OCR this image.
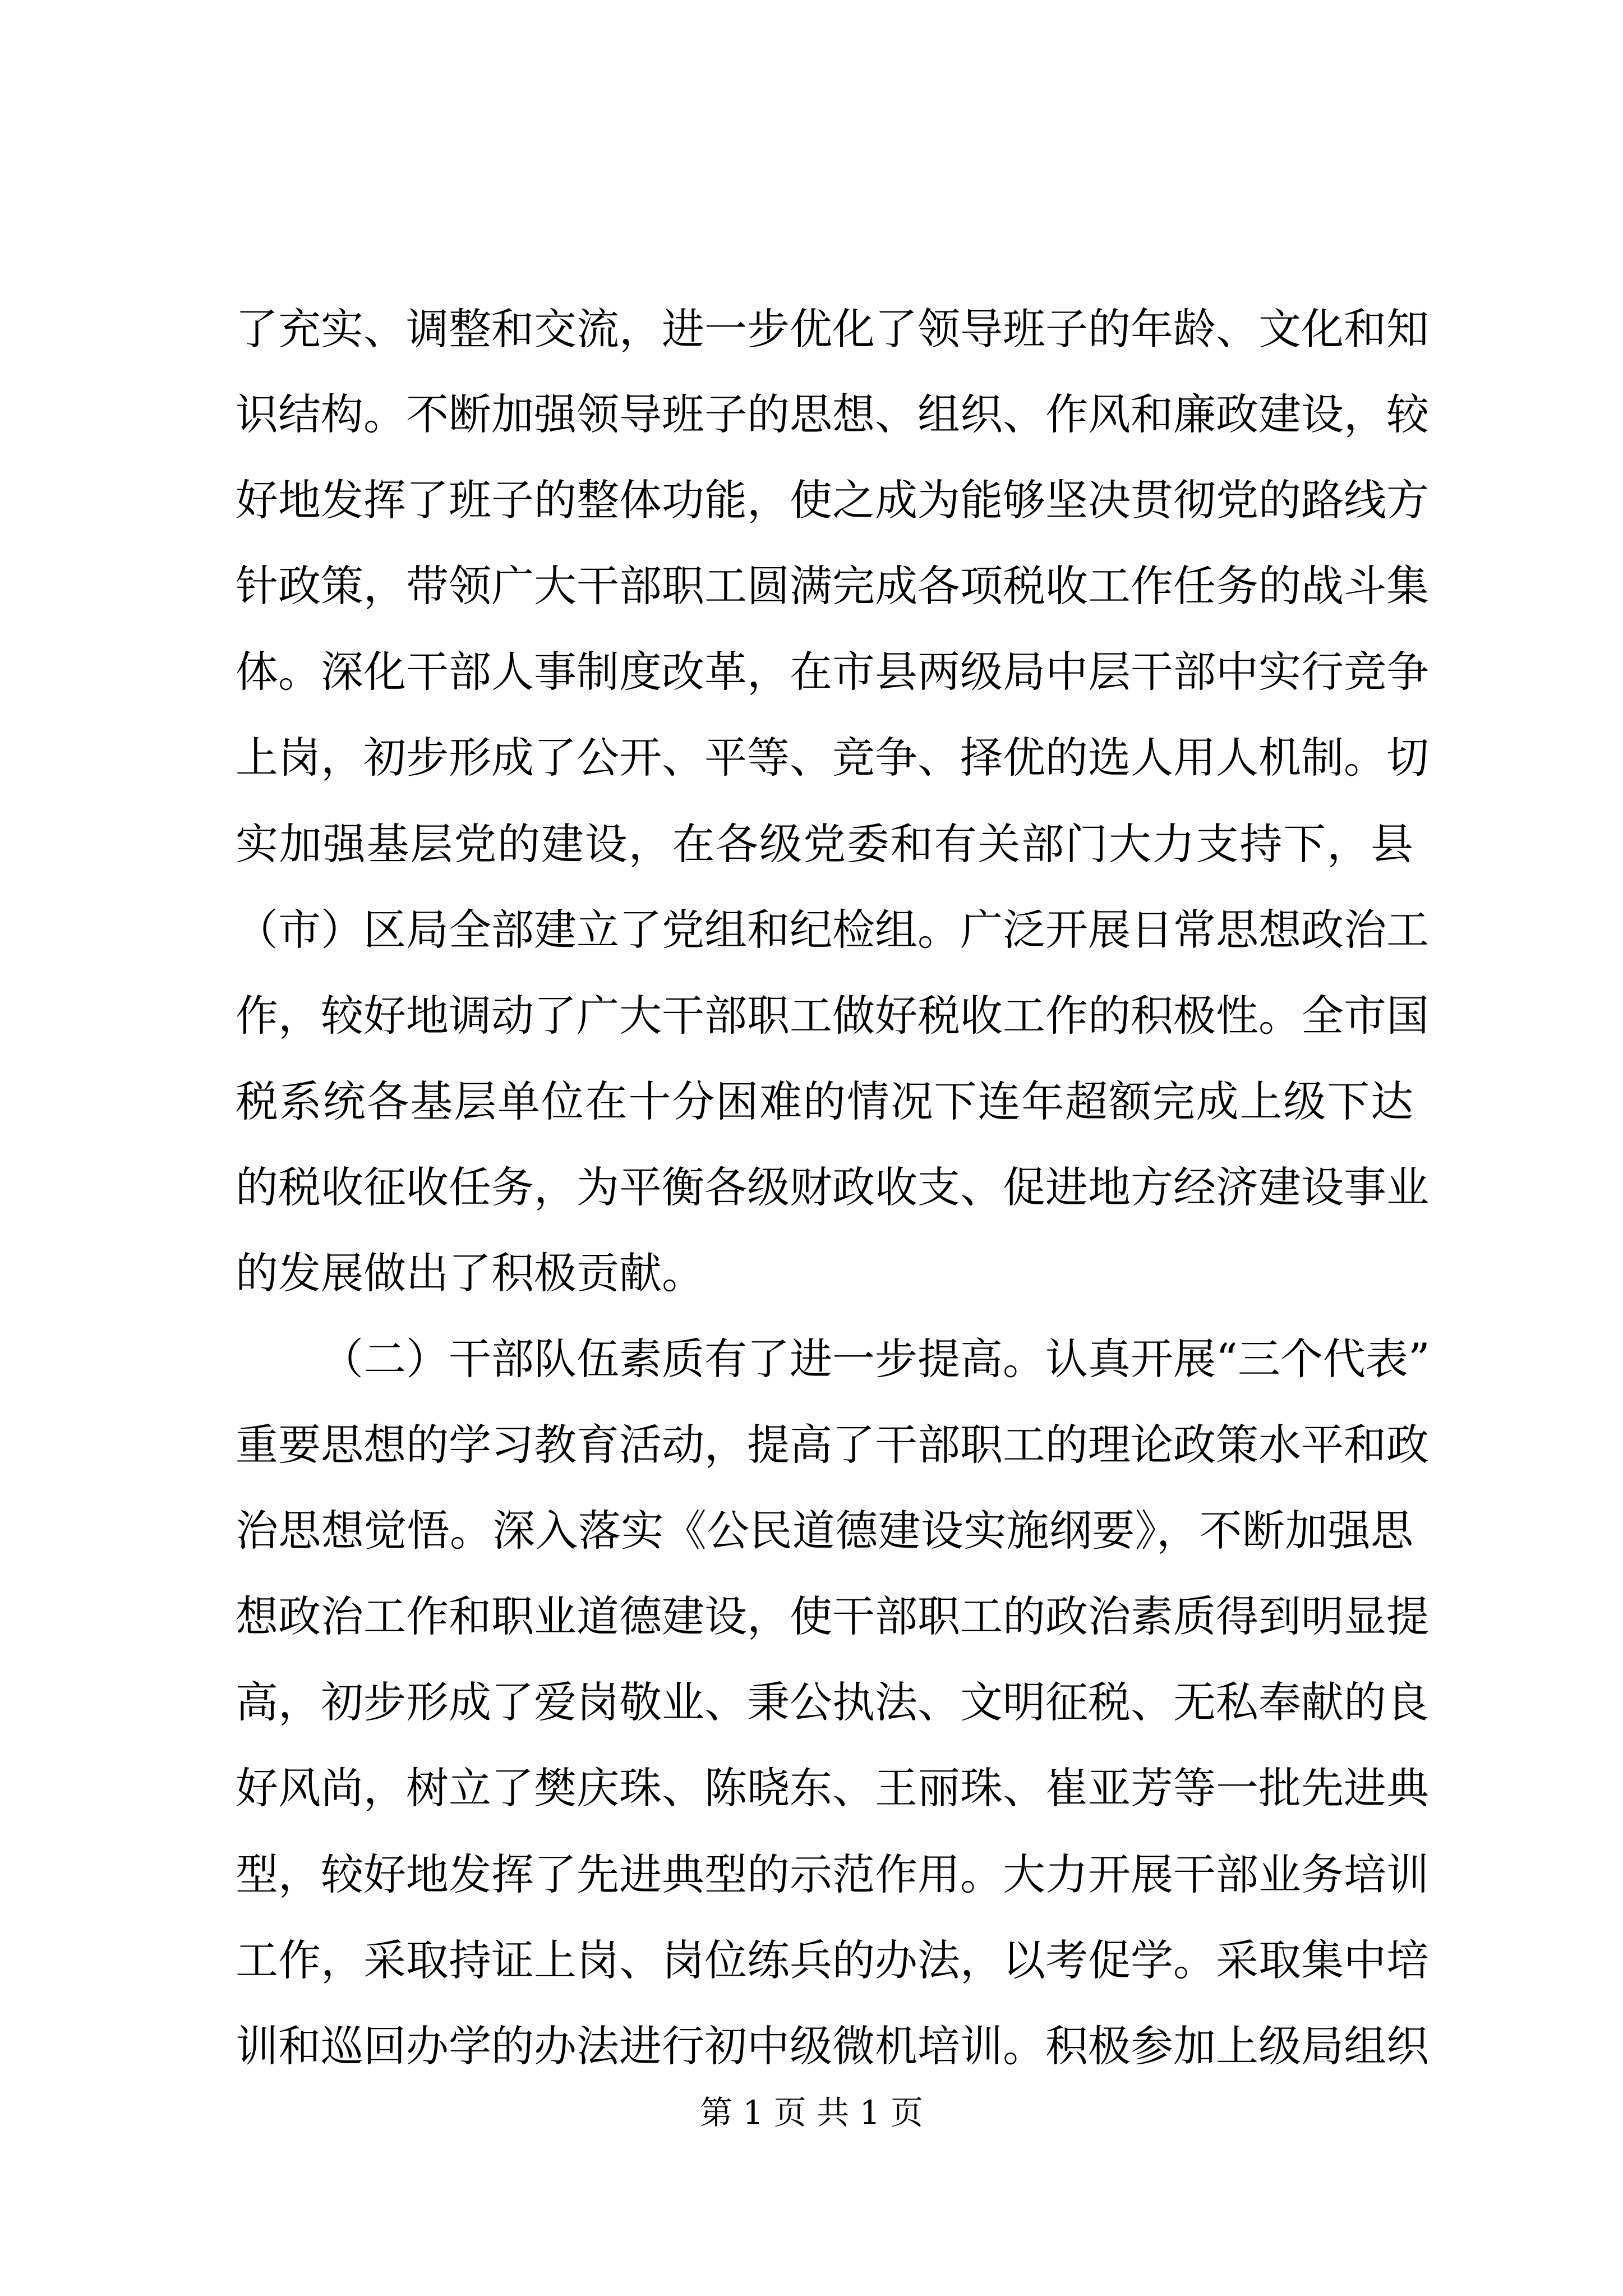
了充实、调整和交流，进一步优化了领导班子的年龄、文化和知
识结构。不断加强领导班子的思想、组织、作风和廉政建设，较
好地发挥了班子的整体功能，使之成为能够坚决贯彻党的路线方
针政策，带领广大干部职工圆满完成各项税收工作任务的战斗集
体。深化干部人事制度改革，在市县两级局中层干部中实行竞争
上岗，初步形成了公开、平等、竞争、择优的选人用人机制。切
实加强基层党的建设，在各级党委和有关部门大力支持下，县
（市）区局全部建立了党组和纪检组。广泛开展日常思想政治工
作，较好地调动了广大干部职工做好税收工作的积极性。全市国
税系统各基层单位在十分困难的情况下连年超额完成上级下达
的税收征收任务，为平衡各级财政收支、促进地方经济建设事业
的发展做出了积极贡献。
（二）干部队伍素质有了进一步提高。认真开展“三个代表”
重要思想的学习教育活动，提高了干部职工的理论政策水平和政
治思想觉悟。深入落实《公民道德建设实施纲要》，不断加强思
想政治工作和职业道德建设，使干部职工的政治素质得到明显提
高，初步形成了爱岗敬业、秉公执法、文明征税、无私奉献的良
好风尚，树立了樊庆珠、陈晓东、王丽珠、崔亚芳等一批先进典
型，较好地发挥了先进典型的示范作用。大力开展干部业务培训
工作，采取持证上岗、岗位练兵的办法，以考促学。采取集中培
训和巡回办学的办法进行初中级微机培训。积极参加上级局组织
第 1 页 共 1 页
